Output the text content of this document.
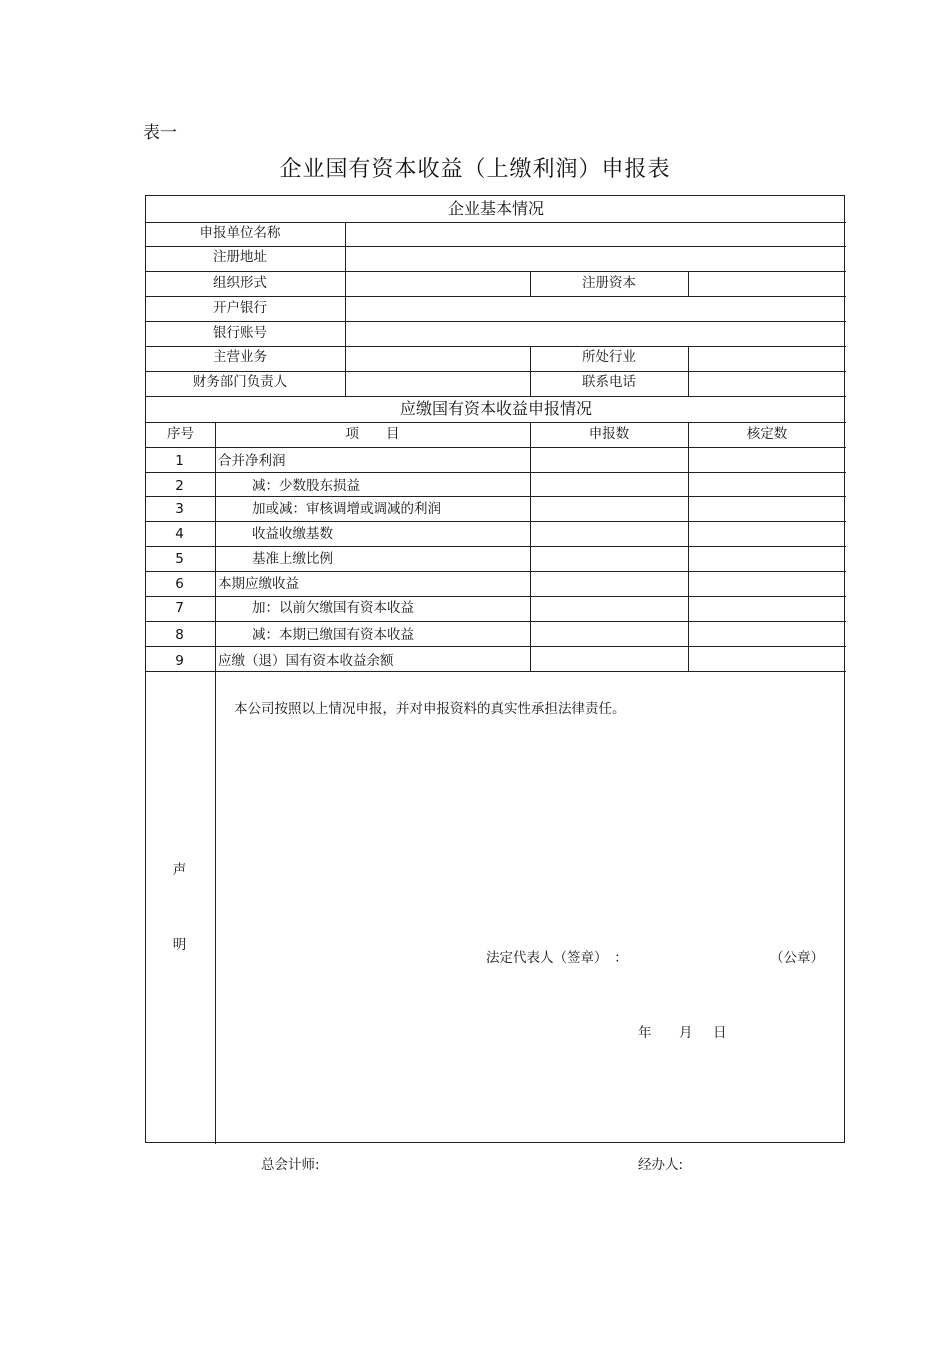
表一
企业国有资本收益（上缴利润）申报表
企业基本情况
申报单位名称
注册地址
组织形式	注册资本
开户银行
银行账号
主营业务	所处行业
财务部门负责人	联系电话
应缴国有资本收益申报情况
序号	项　　目	申报数	核定数
1	合并净利润
2	减：少数股东损益
3	加或减：审核调增或调减的利润
4	收益收缴基数
5	基准上缴比例
6	本期应缴收益
7	加：以前欠缴国有资本收益
8	减：本期已缴国有资本收益
9	应缴（退）国有资本收益余额
声
明
本公司按照以上情况申报，并对申报资料的真实性承担法律责任。
法定代表人（签章）　：	（公章）
年 月 日
总会计师:	经办人:
